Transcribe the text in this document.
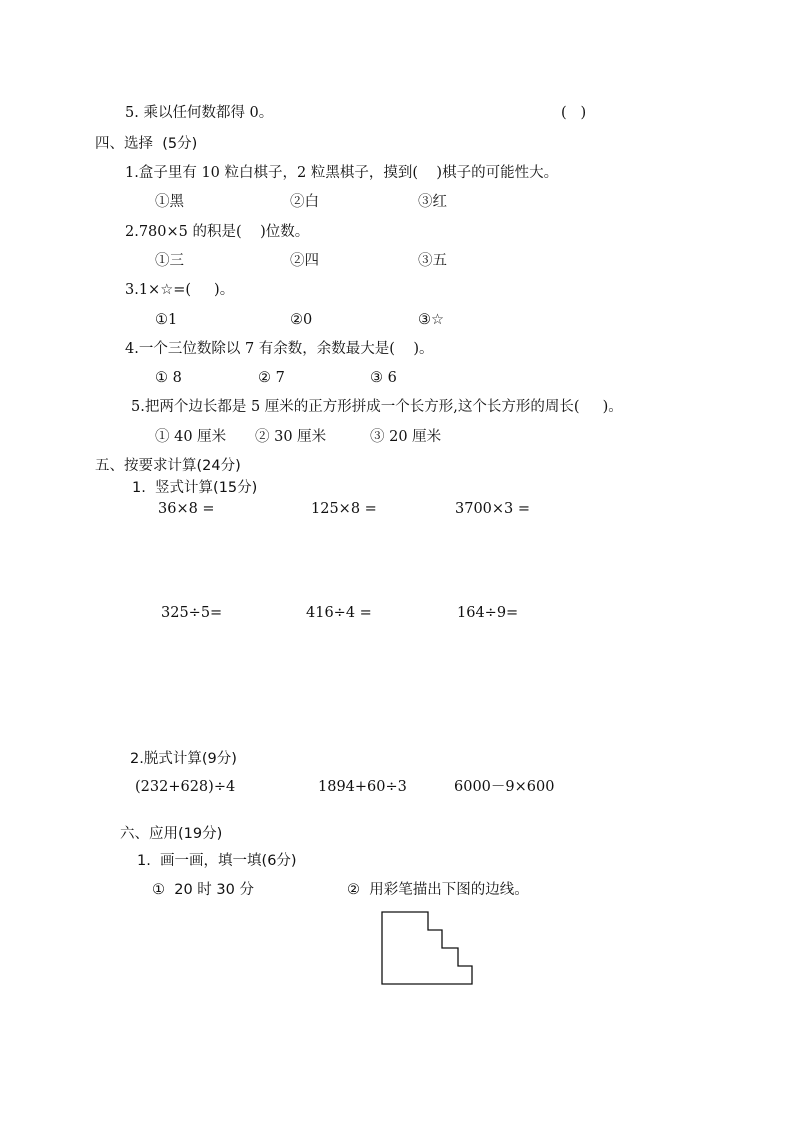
5. 乘以任何数都得 0。	(   )
四、选择  (5分)
1.盒子里有 10 粒白棋子，2 粒黑棋子，摸到(    )棋子的可能性大。
①黑	②白	③红
2.780×5 的积是(    )位数。
①三	②四	③五
3.1×☆=(     )。
①1	②0	③☆
4.一个三位数除以 7 有余数，余数最大是(    )。
① 8	② 7	③ 6
5.把两个边长都是 5 厘米的正方形拼成一个长方形,这个长方形的周长(     )。
① 40 厘米 ② 30 厘米	③ 20 厘米
五、按要求计算(24分)
1.  竖式计算(15分)
36×8 =	125×8 =	3700×3 =
325÷5=	416÷4 =	164÷9=
2.脱式计算(9分)
(232+628)÷4	1894+60÷3	6000－9×600
六、应用(19分)
1.  画一画，填一填(6分)
①  20 时 30 分	②  用彩笔描出下图的边线。
